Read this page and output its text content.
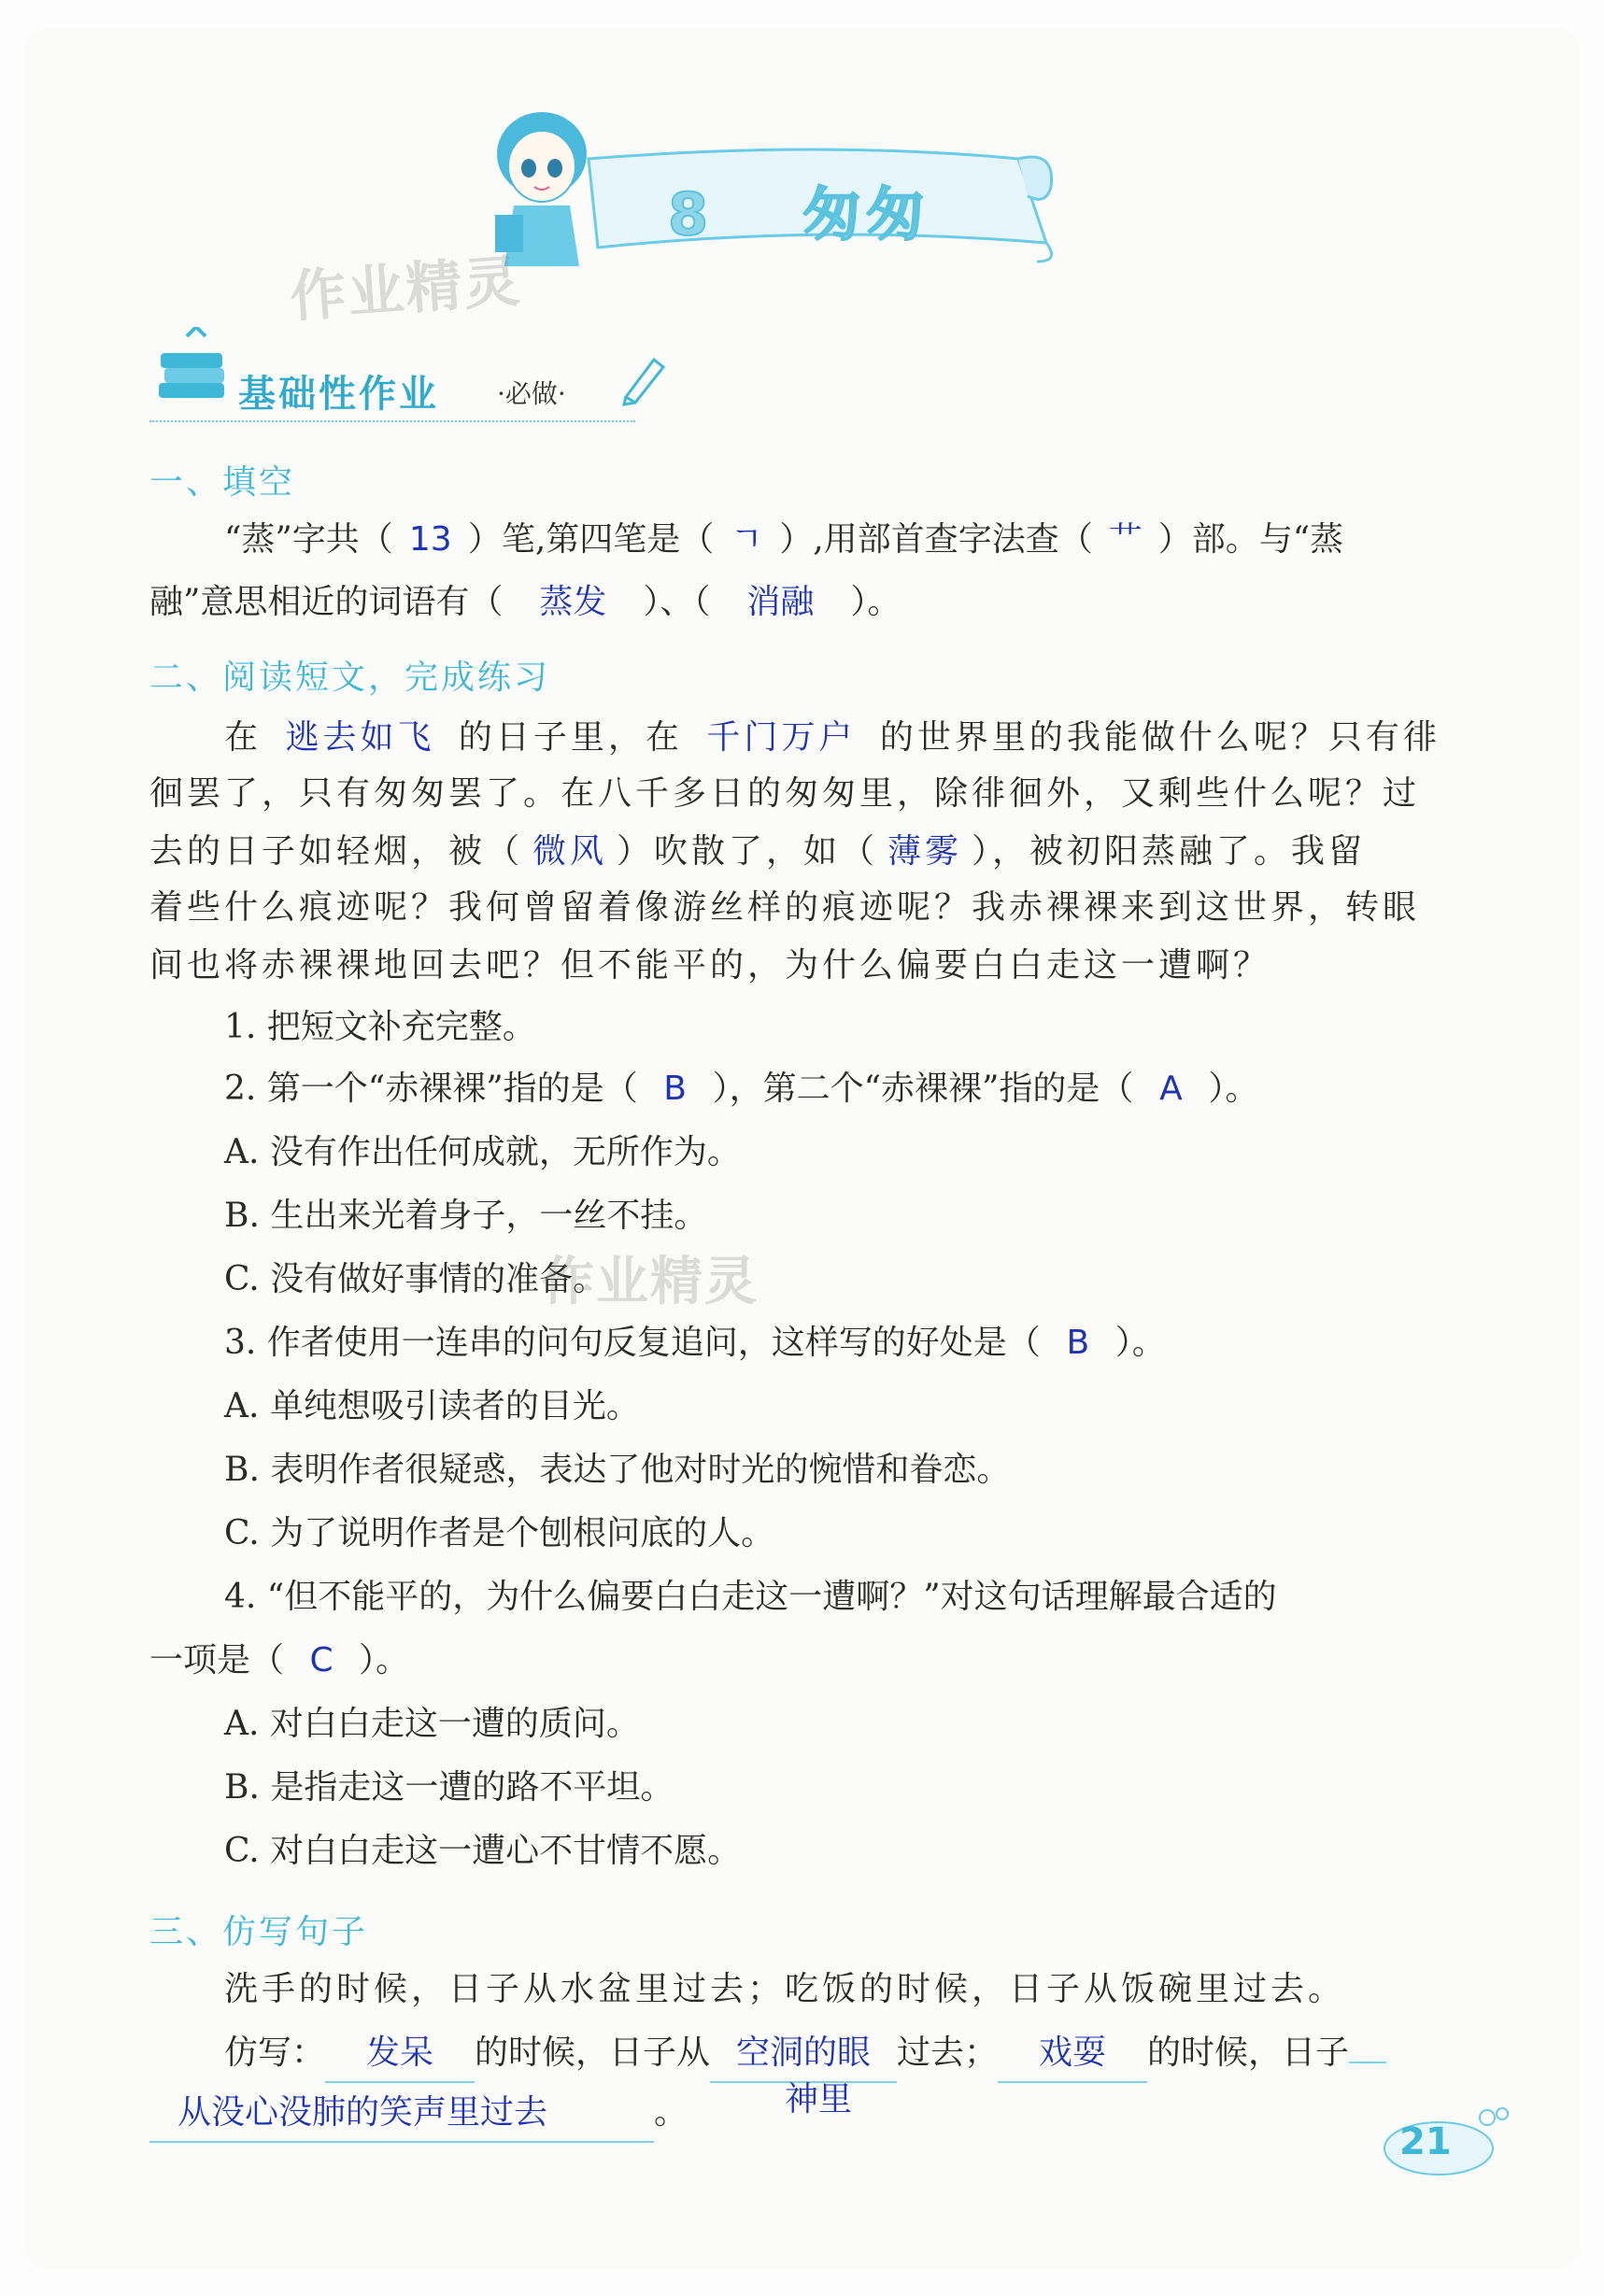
8 匆匆
作业精灵
基础性作业 ·必做·
一、填空
“蒸”字共（ 13 ）笔,第四笔是（ ㄱ ）,用部首查字法查（ 艹 ）部。与“蒸
融”意思相近的词语有（ 蒸发 ）、（ 消融 ）。
二、阅读短文，完成练习
在 逃去如飞 的日子里，在 千门万户 的世界里的我能做什么呢？只有徘
徊罢了，只有匆匆罢了。在八千多日的匆匆里，除徘徊外，又剩些什么呢？过
去的日子如轻烟，被（ 微风 ）吹散了，如（ 薄雾 ），被初阳蒸融了。我留
着些什么痕迹呢？我何曾留着像游丝样的痕迹呢？我赤裸裸来到这世界，转眼
间也将赤裸裸地回去吧？但不能平的，为什么偏要白白走这一遭啊？
1. 把短文补充完整。
2. 第一个“赤裸裸”指的是（ B ），第二个“赤裸裸”指的是（ A ）。
A. 没有作出任何成就，无所作为。
B. 生出来光着身子，一丝不挂。
C. 没有做好事情的准备。
作业精灵
3. 作者使用一连串的问句反复追问，这样写的好处是（ B ）。
A. 单纯想吸引读者的目光。
B. 表明作者很疑惑，表达了他对时光的惋惜和眷恋。
C. 为了说明作者是个刨根问底的人。
4. “但不能平的，为什么偏要白白走这一遭啊？”对这句话理解最合适的
一项是（ C ）。
A. 对白白走这一遭的质问。
B. 是指走这一遭的路不平坦。
C. 对白白走这一遭心不甘情不愿。
三、仿写句子
洗手的时候，日子从水盆里过去；吃饭的时候，日子从饭碗里过去。
仿写： 发呆 的时候，日子从 空洞的眼 过去； 戏耍 的时候，日子
神里
从没心没肺的笑声里过去	。
21
